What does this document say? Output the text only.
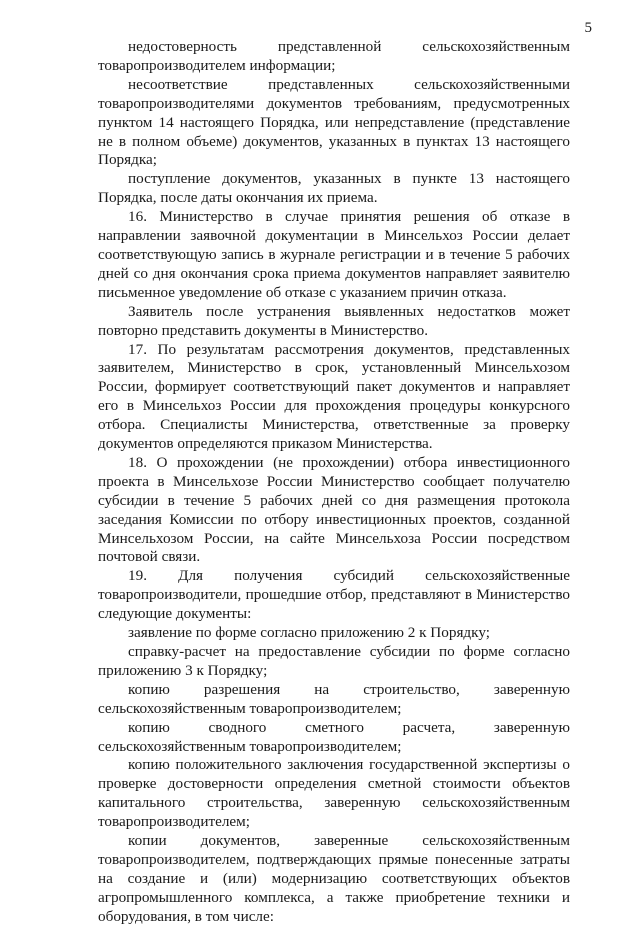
5

недостоверность представленной сельскохозяйственным товаропроизводителем информации;

несоответствие представленных сельскохозяйственными товаропроизводителями документов требованиям, предусмотренных пунктом 14 настоящего Порядка, или непредставление (представление не в полном объеме) документов, указанных в пунктах 13 настоящего Порядка;

поступление документов, указанных в пункте 13 настоящего Порядка, после даты окончания их приема.

16. Министерство в случае принятия решения об отказе в направлении заявочной документации в Минсельхоз России делает соответствующую запись в журнале регистрации и в течение 5 рабочих дней со дня окончания срока приема документов направляет заявителю письменное уведомление об отказе с указанием причин отказа.

Заявитель после устранения выявленных недостатков может повторно представить документы в Министерство.

17. По результатам рассмотрения документов, представленных заявителем, Министерство в срок, установленный Минсельхозом России, формирует соответствующий пакет документов и направляет его в Минсельхоз России для прохождения процедуры конкурсного отбора. Специалисты Министерства, ответственные за проверку документов определяются приказом Министерства.

18. О прохождении (не прохождении) отбора инвестиционного проекта в Минсельхозе России Министерство сообщает получателю субсидии в течение 5 рабочих дней со дня размещения протокола заседания Комиссии по отбору инвестиционных проектов, созданной Минсельхозом России, на сайте Минсельхоза России посредством почтовой связи.

19. Для получения субсидий сельскохозяйственные товаропроизводители, прошедшие отбор, представляют в Министерство следующие документы:

заявление по форме согласно приложению 2 к Порядку;

справку-расчет на предоставление субсидии по форме согласно приложению 3 к Порядку;

копию разрешения на строительство, заверенную сельскохозяйственным товаропроизводителем;

копию сводного сметного расчета, заверенную сельскохозяйственным товаропроизводителем;

копию положительного заключения государственной экспертизы о проверке достоверности определения сметной стоимости объектов капитального строительства, заверенную сельскохозяйственным товаропроизводителем;

копии документов, заверенные сельскохозяйственным товаропроизводителем, подтверждающих прямые понесенные затраты на создание и (или) модернизацию соответствующих объектов агропромышленного комплекса, а также приобретение техники и оборудования, в том числе:
